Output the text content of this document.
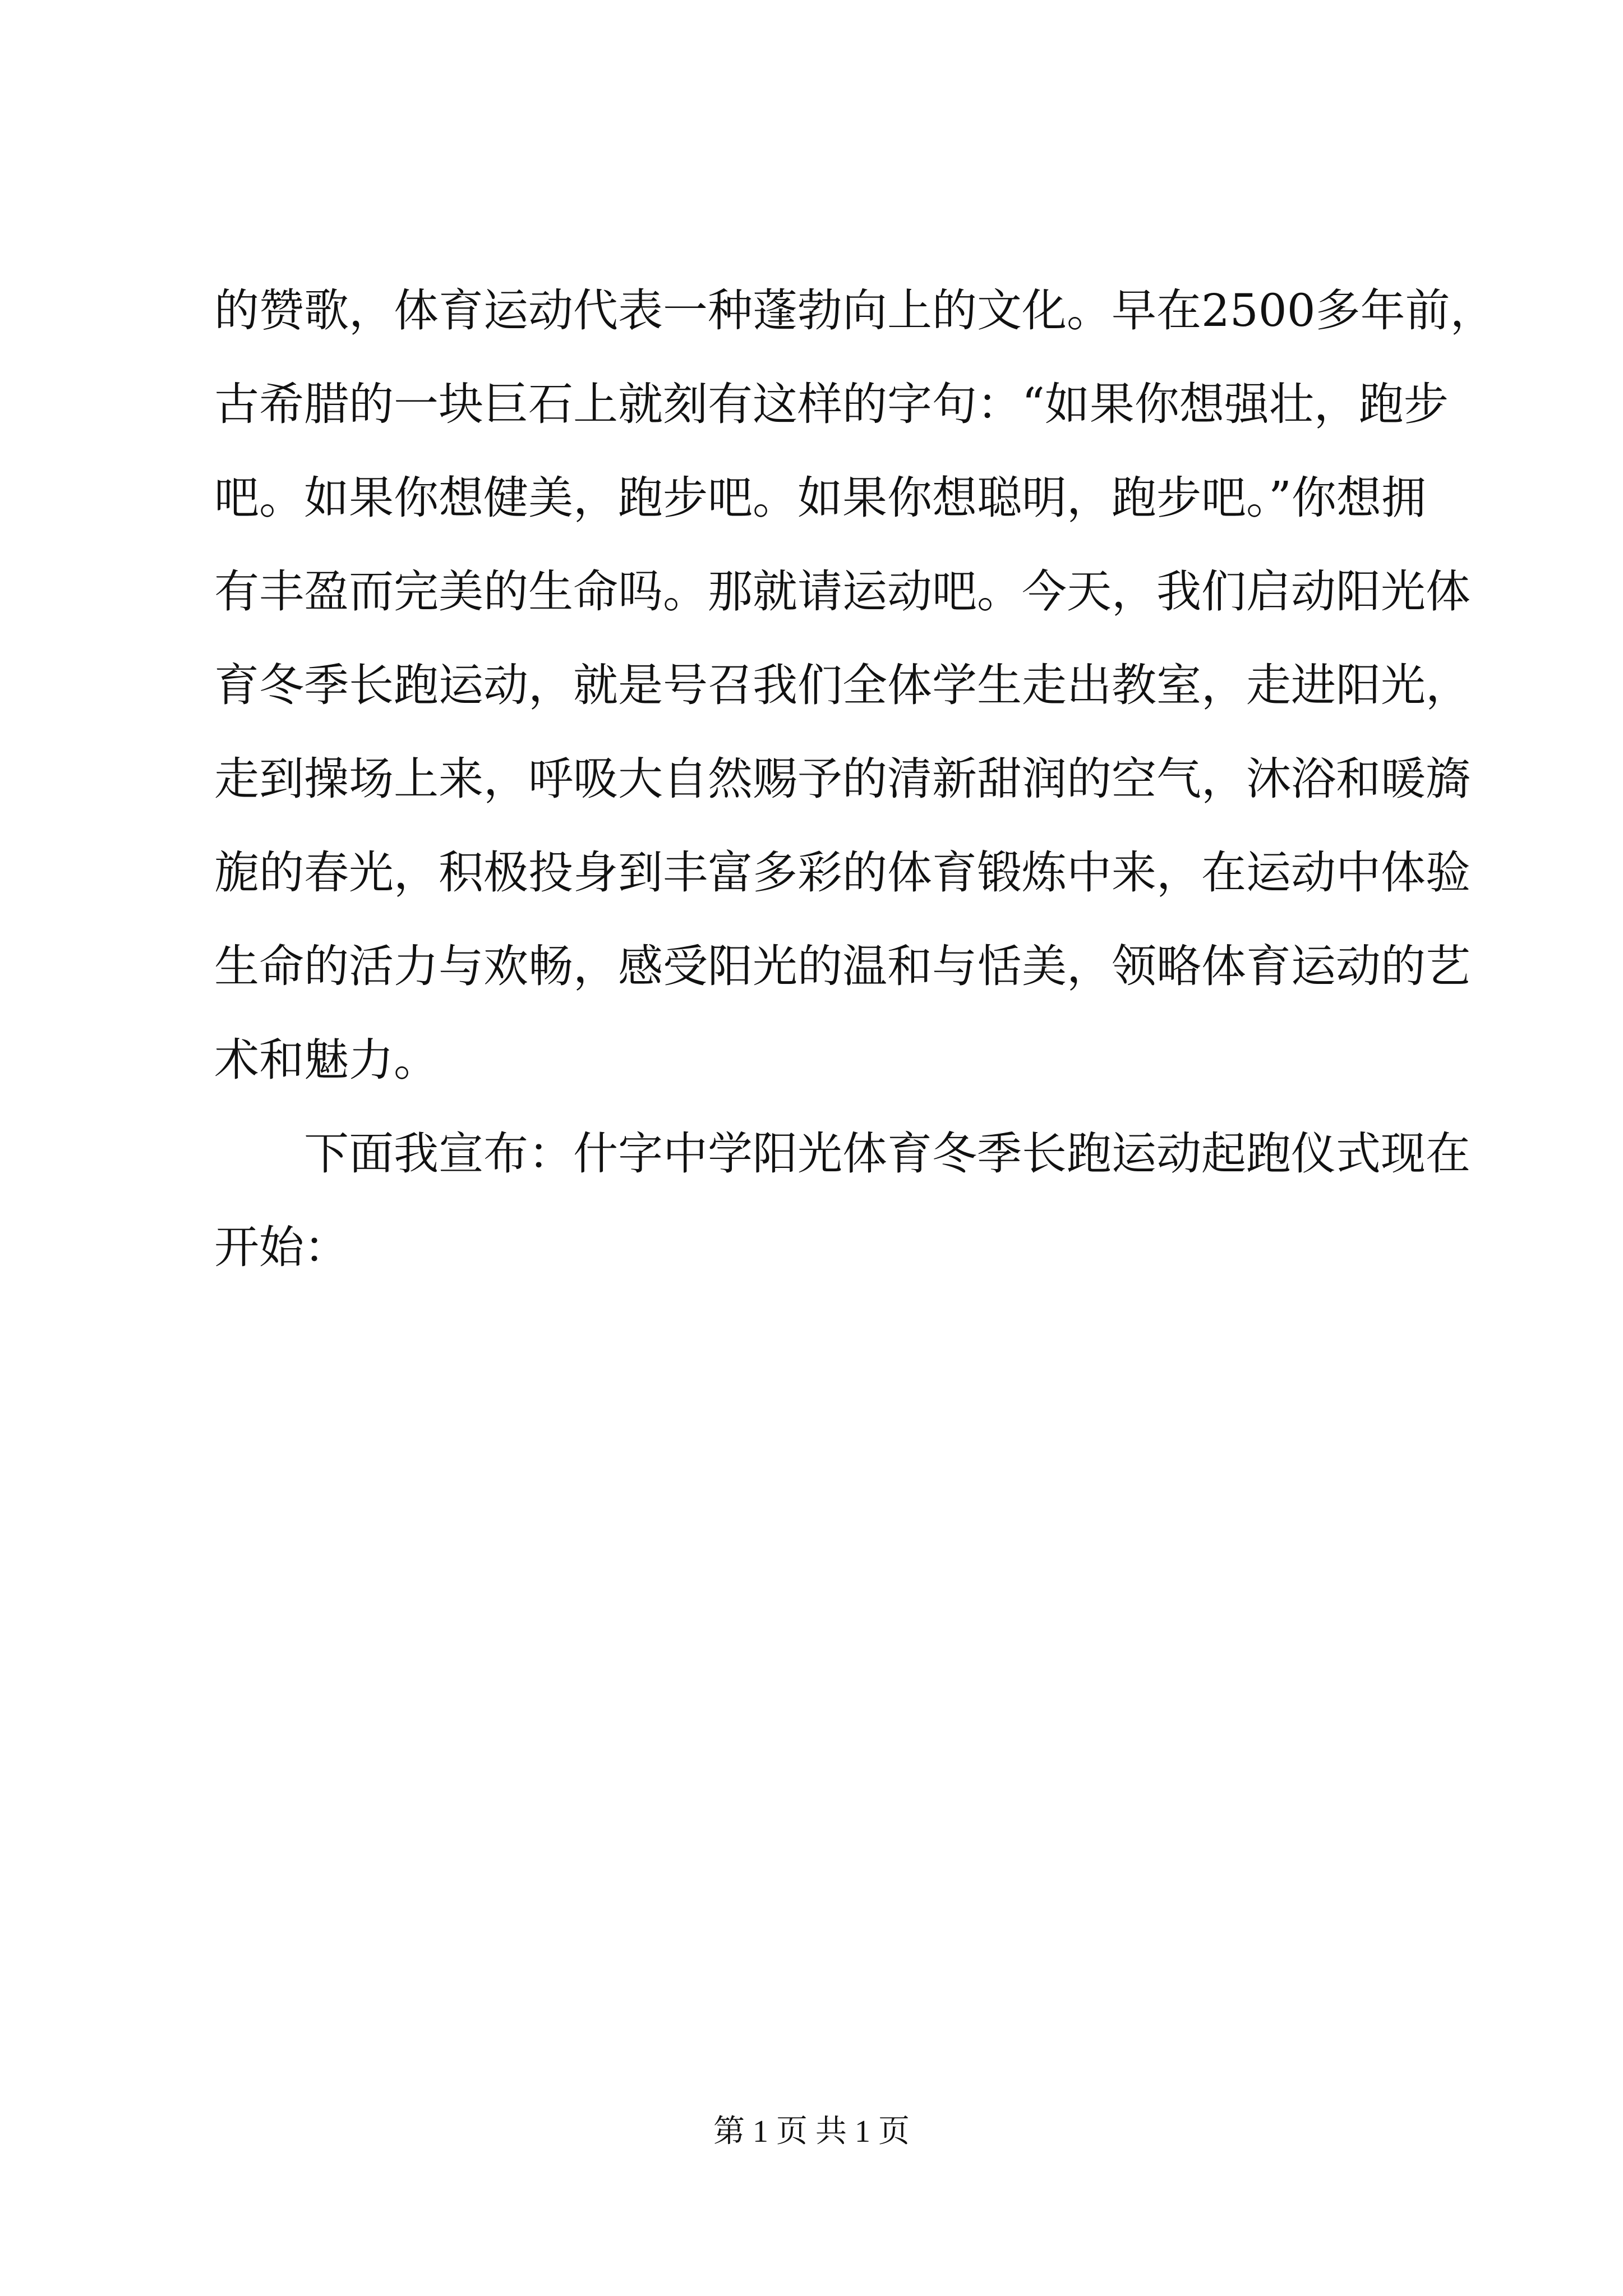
的赞歌，体育运动代表一种蓬勃向上的文化。早在2500多年前，
古希腊的一块巨石上就刻有这样的字句：“如果你想强壮，跑步
吧。如果你想健美，跑步吧。如果你想聪明，跑步吧。”你想拥
有丰盈而完美的生命吗。那就请运动吧。今天，我们启动阳光体
育冬季长跑运动，就是号召我们全体学生走出教室，走进阳光，
走到操场上来，呼吸大自然赐予的清新甜润的空气，沐浴和暖旖
旎的春光，积极投身到丰富多彩的体育锻炼中来，在运动中体验
生命的活力与欢畅，感受阳光的温和与恬美，领略体育运动的艺
术和魅力。
下面我宣布：什字中学阳光体育冬季长跑运动起跑仪式现在
开始：
第 1 页 共 1 页
